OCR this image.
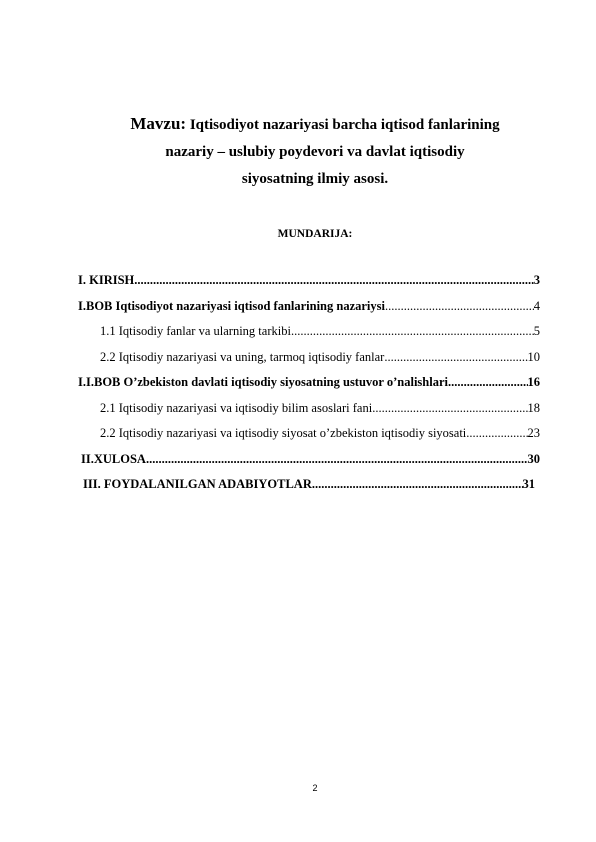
Mavzu: Iqtisodiyot nazariyasi barcha iqtisod fanlarining
nazariy – uslubiy poydevori va davlat iqtisodiy
siyosatning ilmiy asosi.
MUNDARIJA:
I. KIRISH .....	3
I.BOB Iqtisodiyot nazariyasi iqtisod fanlarining nazariysi .....	4
1.1 Iqtisodiy fanlar va ularning tarkibi .....	5
2.2 Iqtisodiy nazariyasi va uning, tarmoq iqtisodiy fanlar .....	10
I.I.BOB O’zbekiston davlati iqtisodiy siyosatning ustuvor o’nalishlari .....	16
2.1 Iqtisodiy nazariyasi va iqtisodiy bilim asoslari fani .....	18
2.2 Iqtisodiy nazariyasi va iqtisodiy siyosat o’zbekiston iqtisodiy siyosati .....	23
II.XULOSA .....	30
III. FOYDALANILGAN ADABIYOTLAR .....	31
2
